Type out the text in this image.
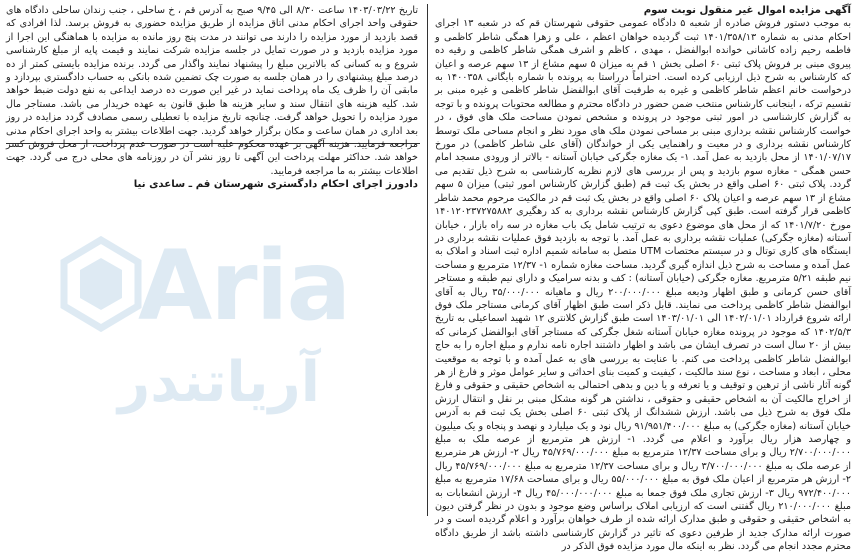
Aria
آریاتندر

آگهی مزایده اموال غیر منقول نوبت سوم

به موجب دستور فروش صادره از شعبه ۵ دادگاه عمومی حقوقی شهرستان قم که در شعبه ۱۳ اجرای احکام مدنی به شماره ۱۴۰۱/۳۵۸/۱۳ ثبت گردیده خواهان اعظم ، علی و زهرا همگی شاطر کاظمی و فاطمه رحیم زاده کاشانی خوانده ابوالفضل ، مهدی ، کاظم و اشرف همگی شاطر کاظمی و رقیه ده پیروی مبنی بر فروش پلاک ثبتی ۶۰ اصلی بخش ۱ قم به میزان ۵ سهم مشاع از ۱۳ سهم عرصه و اعیان که کارشناس به شرح ذیل ارزیابی کرده است. احتراماً درراستا به پرونده با شماره بایگانی ۱۴۰۰۳۵۸ به درخواست خانم اعظم شاطر کاظمی و غیره به طرفیت آقای ابوالفضل شاطر کاظمی و غیره مبنی بر تقسیم ترکه ، اینجانب کارشناس منتخب ضمن حضور در دادگاه محترم و مطالعه محتویات پرونده و با توجه به گزارش کارشناسی در امور ثبتی موجود در پرونده و مشخص نمودن مساحت ملک های فوق ، در خواست کارشناس نقشه برداری مبنی بر مساحی نمودن ملک های مورد نظر و انجام مساحی ملک توسط کارشناس نقشه برداری و در معیت و راهنمایی یکی از خواندگان (آقای علی شاطر کاظمی) در مورخ ۱۴۰۱/۰۷/۱۷ از محل بازدید به عمل آمد. ۱- یک مغازه جگرکی خیابان آستانه - بالاتر از ورودی مسجد امام حسن همگی - مغازه سوم بازدید و پس از بررسی های لازم نظریه کارشناسی به شرح ذیل تقدیم می گردد. پلاک ثبتی ۶۰ اصلی واقع در بخش یک ثبت قم (طبق گزارش کارشناس امور ثبتی) میزان ۵ سهم مشاع از ۱۳ سهم عرصه و اعیان پلاک ۶۰ اصلی واقع در بخش یک ثبت قم در مالکیت مرحوم محمد شاطر کاظمی قرار گرفته است. طبق کپی گزارش کارشناس نقشه برداری به کد رهگیری ۱۴۰۱۲۰۲۳۷۲۷۵۸۸۲ مورخ ۱۴۰۱/۷/۲۰ که از محل های موضوع دعوی به ترتیب شامل یک باب مغازه در سه راه بازار ، خیابان آستانه (مغازه جگرکی) عملیات نقشه برداری به عمل آمد. با توجه به بازدید فوق عملیات نقشه برداری در ایستگاه های کاری توتال و در سیستم مختصات UTM متصل به سامانه شمیم اداره ثبت اسناد و املاک به عمل آمده و مساحت به شرح ذیل اندازه گیری گردید. مساحت مغازه شماره ۱- ۱۲/۳۷ مترمربع و مساحت نیم طبقه ۵/۲۱ مترمربع. مغازه جگرکی (خیابان آستانه) : کف و بدنه سرامیک و دارای نیم طبقه و مستاجر آقای حسن کرمانی و طبق اظهار ودیعه مبلغ ۲۰۰/۰۰۰/۰۰۰ ریال و ماهیانه ۳۵/۰۰۰/۰۰۰ ریال به آقای ابوالفضل شاطر کاظمی پرداخت می نمایند. قابل ذکر است طبق اظهار آقای کرمانی مستاجر ملک فوق ارائه شروع قرارداد ۱۴۰۲/۰۱/۰۱ الی ۱۴۰۳/۰۱/۰۱ است طبق گزارش کلانتری ۱۲ شهید اسماعیلی به تاریخ ۱۴۰۲/۵/۳ که موجود در پرونده مغازه خیابان آستانه شغل جگرکی که مستاجر آقای ابوالفضل کرمانی که بیش از ۲۰ سال است در تصرف ایشان می باشد و اظهار داشتند اجاره نامه ندارم و مبلغ اجاره را به حاج ابوالفضل شاطر کاظمی پرداخت می کنم. با عنایت به بررسی های به عمل آمده و با توجه به موقعیت محلی ، ابعاد و مساحت ، نوع سند مالکیت ، کیفیت و کمیت بنای احداثی و سایر عوامل موثر و فارغ از هر گونه آثار ناشی از ترهین و توقیف و یا تعرفه و یا دین و بدهی احتمالی به اشخاص حقیقی و حقوقی و فارغ از اخراج مالکیت آن به اشخاص حقیقی و حقوقی ، نداشتن هر گونه مشکل مبنی بر نقل و انتقال ارزش ملک فوق به شرح ذیل می باشد. ارزش ششدانگ از پلاک ثبتی ۶۰ اصلی بخش یک ثبت قم به آدرس خیابان آستانه (مغازه جگرکی) به مبلغ ۹۱/۹۵۱/۴۰۰/۰۰۰ ریال نود و یک میلیارد و نهصد و پنجاه و یک میلیون و چهارصد هزار ریال برآورد و اعلام می گردد. ۱- ارزش هر مترمربع از عرصه ملک به مبلغ ۲/۷۰۰/۰۰۰/۰۰۰ ریال و برای مساحت ۱۲/۳۷ مترمربع به مبلغ ۴۵/۷۶۹/۰۰۰/۰۰۰ ریال ۲- ارزش هر مترمربع از عرصه ملک به مبلغ ۳/۷۰۰/۰۰۰/۰۰۰ ریال و برای مساحت ۱۲/۳۷ مترمربع به مبلغ ۴۵/۷۶۹/۰۰۰/۰۰۰ ریال ۲- ارزش هر مترمربع از اعیان ملک فوق به مبلغ ۵۵/۰۰۰/۰۰۰ ریال و برای مساحت ۱۷/۶۸ مترمربع به مبلغ ۹۷۲/۴۰۰/۰۰۰ ریال ۳- ارزش تجاری ملک فوق جمعا به مبلغ ۴۵/۰۰۰/۰۰۰/۰۰۰ ریال ۴- ارزش انشعابات به مبلغ ۲۱۰/۰۰۰/۰۰۰ ریال گفتنی است که ارزیابی املاک براساس وضع موجود و بدون در نظر گرفتن دیون به اشخاص حقیقی و حقوقی و طبق مدارک ارائه شده از طرف خواهان برآورد و اعلام گردیده است و در صورت ارائه مدارک جدید از طرفین دعوی که تاثیر در گزارش کارشناسی داشته باشد از طریق دادگاه محترم مجدد انجام می گردد. نظر به اینکه مال مورد مزایده فوق الذکر در

تاریخ ۱۴۰۳/۰۳/۲۲ ساعت ۸/۳۰ الی ۹/۴۵ صبح به آدرس قم ، خ ساحلی ، جنب زندان ساحلی دادگاه های حقوقی واحد اجرای احکام مدنی اتاق مزایده از طریق مزایده حضوری به فروش برسد. لذا افرادی که قصد بازدید از مورد مزایده را دارند می توانند در مدت پنج روز مانده به مزایده با هماهنگی این اجرا از مورد مزایده بازدید و در صورت تمایل در جلسه مزایده شرکت نمایند و قیمت پایه از مبلغ کارشناسی شروع و به کسانی که بالاترین مبلغ را پیشنهاد نمایند واگذار می گردد. برنده مزایده بایستی کمتر از ده درصد مبلغ پیشنهادی را در همان جلسه به صورت چک تضمین شده بانکی به حساب دادگستری بپردازد و مابقی آن را ظرف یک ماه پرداخت نماید در غیر این صورت ده درصد ایداعی به نفع دولت ضبط خواهد شد. کلیه هزینه های انتقال سند و سایر هزینه ها طبق قانون به عهده خریدار می باشد. مستاجر مال مورد مزایده را تحویل خواهد گرفت. چنانچه تاریخ مزایده با تعطیلی رسمی مصادف گردد مزایده در روز بعد اداری در همان ساعت و مکان برگزار خواهد گردید. جهت اطلاعات بیشتر به واحد اجرای احکام مدنی مراجعه فرمایید. هزینه آگهی بر عهده محکوم علیه است در صورت عدم پرداخت، از محل فروش کسر خواهد شد. حداکثر مهلت پرداخت این آگهی تا روز نشر آن در روزنامه های محلی درج می گردد. جهت اطلاعات بیشتر به ما مراجعه فرمایید.

دادورز اجرای احکام دادگستری شهرستان قم ـ ساعدی نیا
